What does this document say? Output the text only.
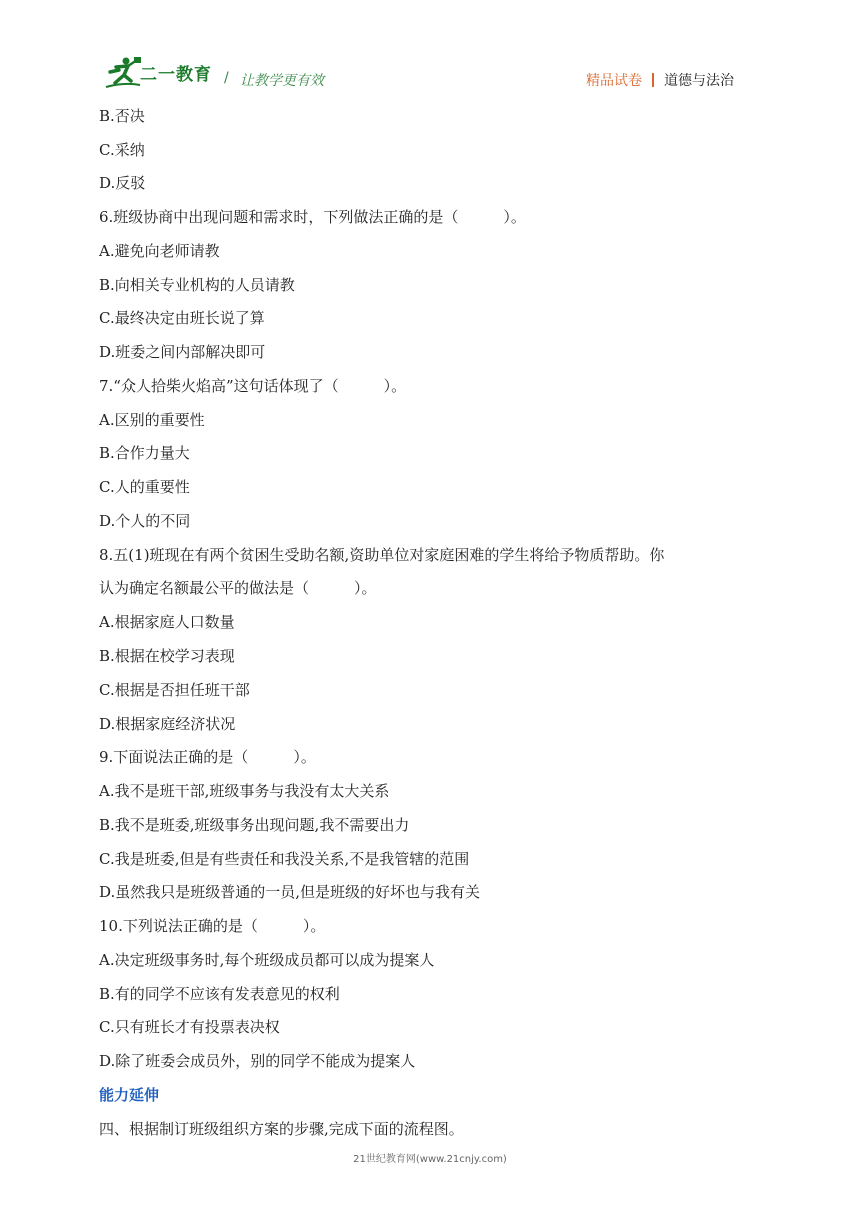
二一教育 / 让教学更有效	精品试卷 道德与法治
B.否决
C.采纳
D.反驳
6.班级协商中出现问题和需求时，下列做法正确的是（　　　）。
A.避免向老师请教
B.向相关专业机构的人员请教
C.最终决定由班长说了算
D.班委之间内部解决即可
7.“众人拾柴火焰高”这句话体现了（　　　）。
A.区别的重要性
B.合作力量大
C.人的重要性
D.个人的不同
8.五(1)班现在有两个贫困生受助名额,资助单位对家庭困难的学生将给予物质帮助。你
认为确定名额最公平的做法是（　　　）。
A.根据家庭人口数量
B.根据在校学习表现
C.根据是否担任班干部
D.根据家庭经济状况
9.下面说法正确的是（　　　）。
A.我不是班干部,班级事务与我没有太大关系
B.我不是班委,班级事务出现问题,我不需要出力
C.我是班委,但是有些责任和我没关系,不是我管辖的范围
D.虽然我只是班级普通的一员,但是班级的好坏也与我有关
10.下列说法正确的是（　　　）。
A.决定班级事务时,每个班级成员都可以成为提案人
B.有的同学不应该有发表意见的权利
C.只有班长才有投票表决权
D.除了班委会成员外，别的同学不能成为提案人
能力延伸
四、根据制订班级组织方案的步骤,完成下面的流程图。
21世纪教育网(www.21cnjy.com)
